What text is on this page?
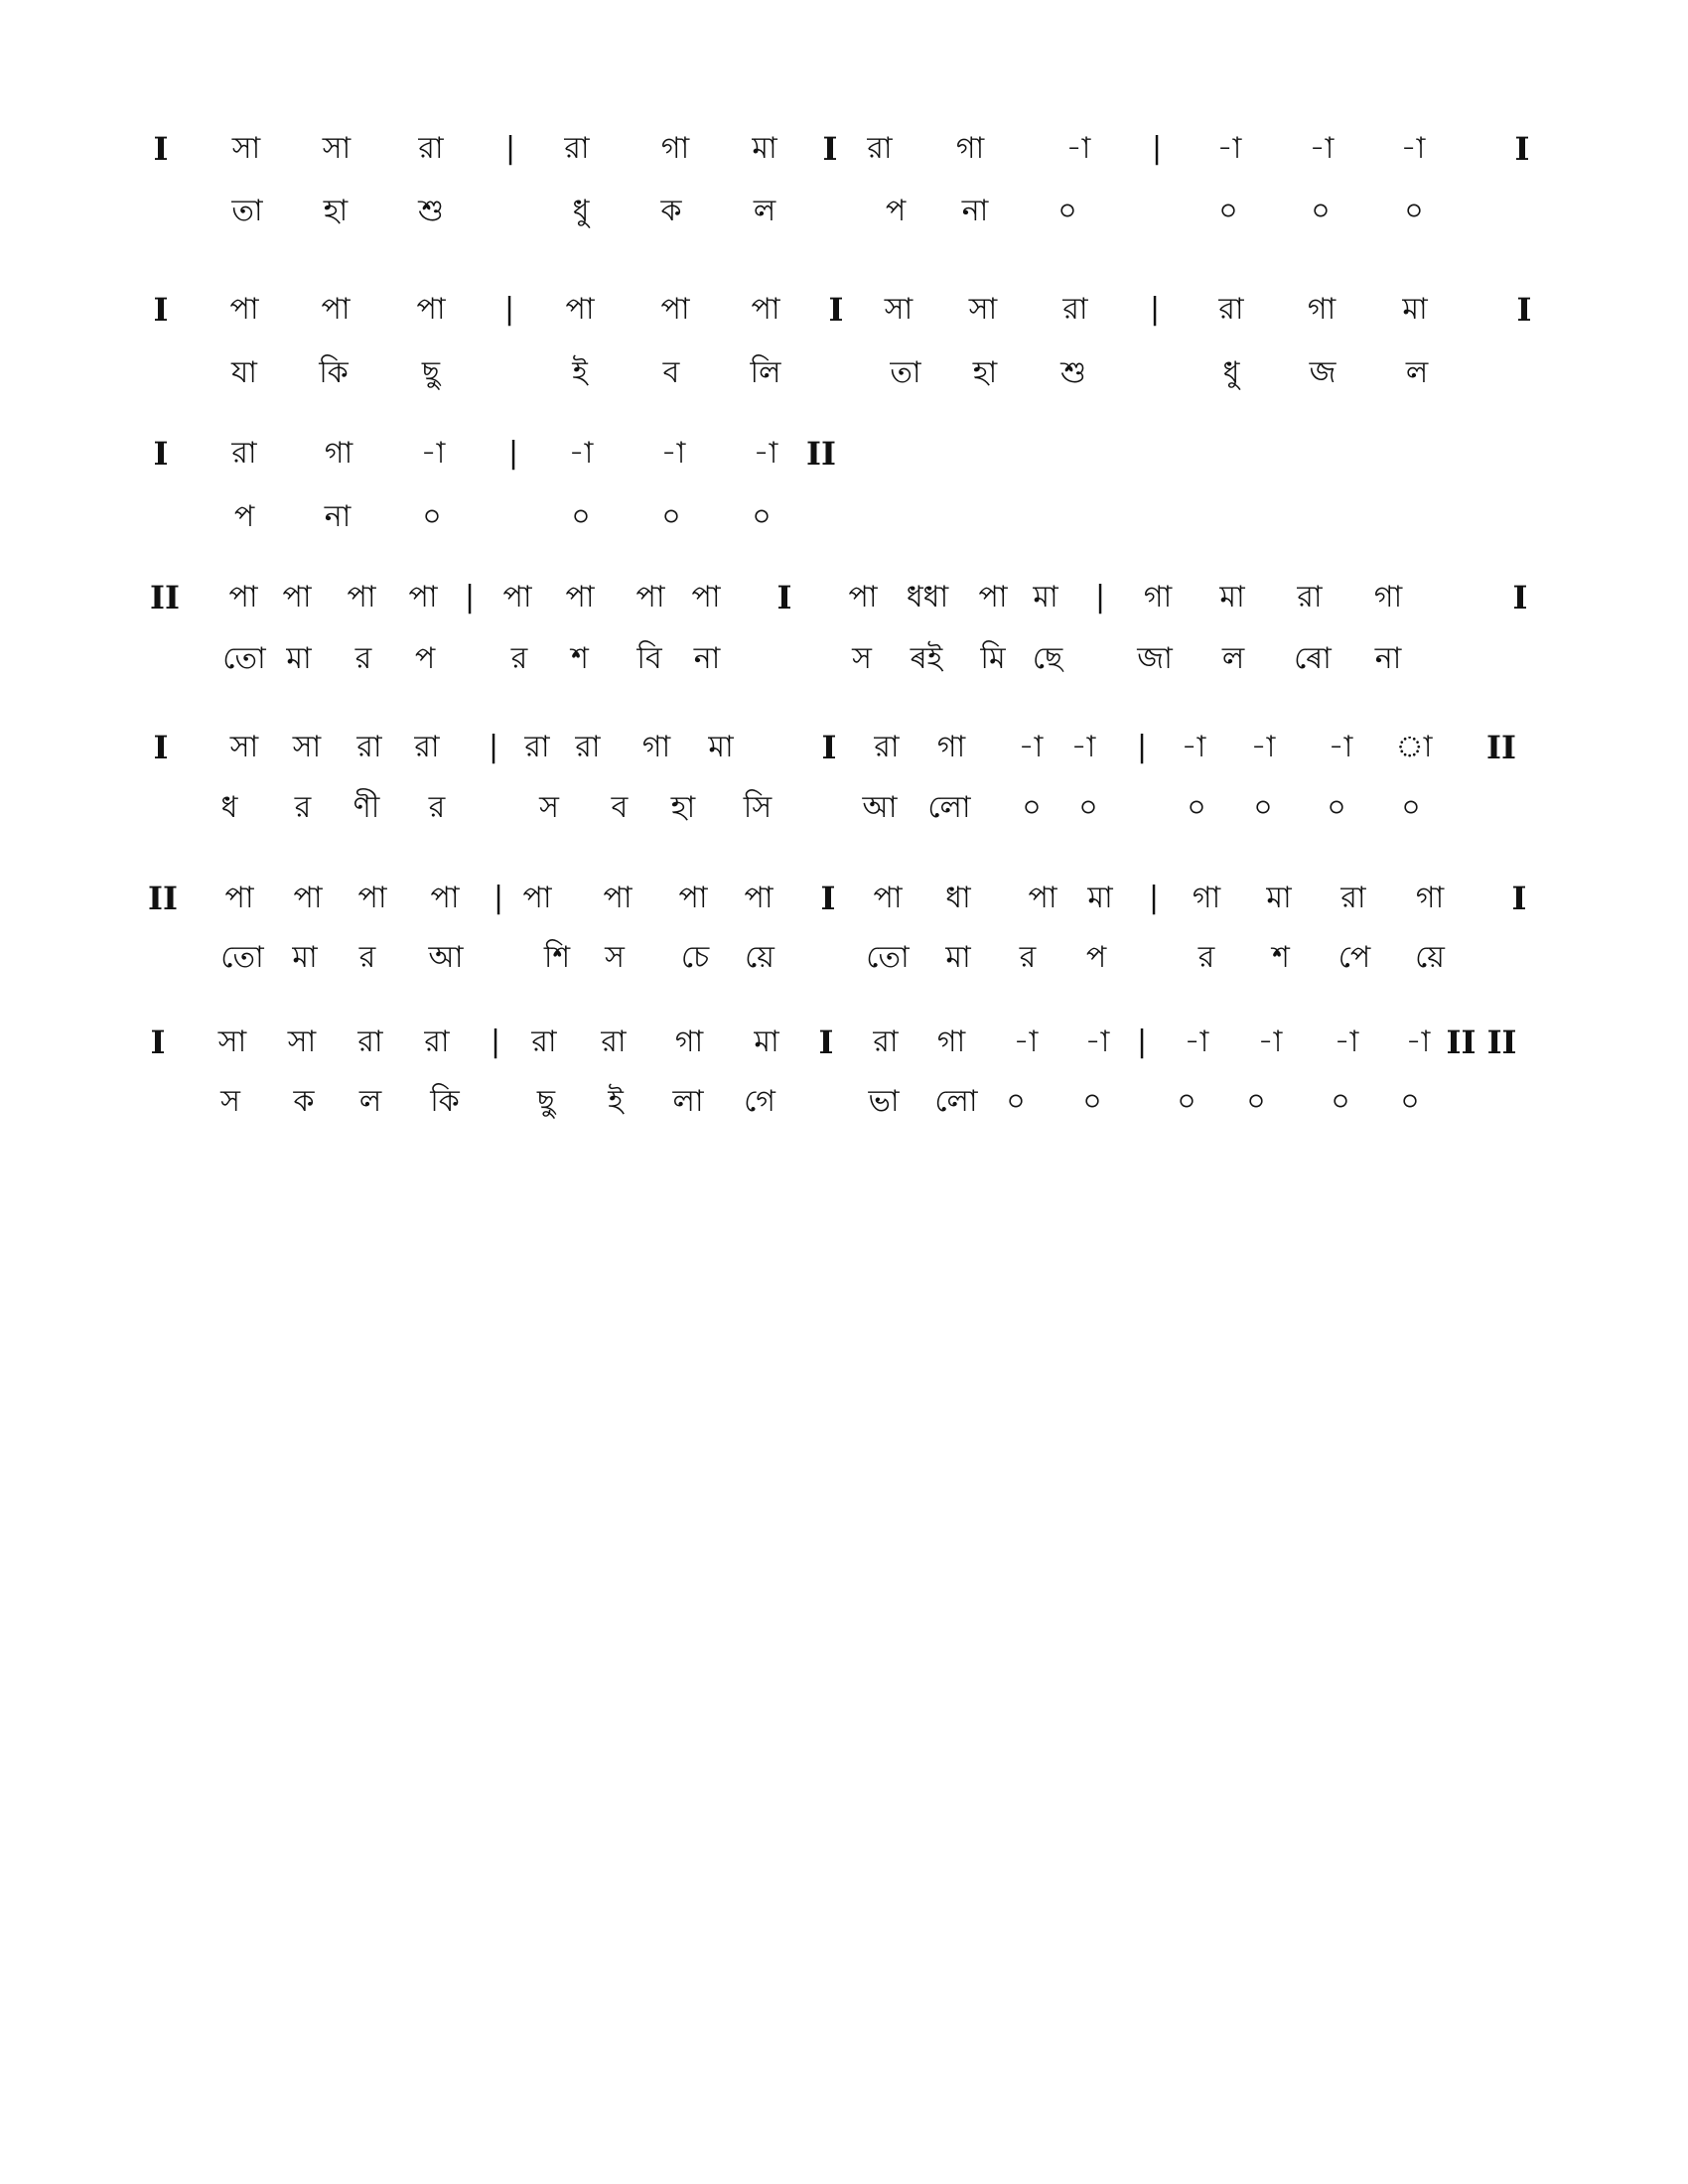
I সা সা রা | রা গা মা I রা গা	-া | -া -া -া	I
তা হা শু	ধু ক ল	প না ০	০ ০ ০
I পা পা পা | পা পা পা I সা সা রা | রা গা মা	I
যা কি ছু	ই	ব লি	তা হা শু	ধু জ ল
I রা গা -া | -া -া -া II
প না ০	০ ০ ০
II পা পা পা পা | পা পা পা পা I পা ধধা পা মা | গা মা রা গা	I
তো মা র প	র শ বি না	স ৰই মি ছে	জা ল ৰো না
I সা সা রা রা | রা রা গা মা	I রা গা -া -া | -া -া -া া II
ধ র ণী র	স ব হা সি	আ লো ০ ০	০ ০ ০ ০
II পা পা পা পা | পা পা পা পা I পা ধা পা মা | গা মা রা গা I
তো মা র আ	শি স চে য়ে	তো মা র প	র শ পে য়ে
I সা সা রা রা | রা রা গা মা I রা গা -া -া | -া -া -া -া II II
স ক ল কি	ছু ই লা গে	ভা লো ০ ০	০ ০ ০ ০
